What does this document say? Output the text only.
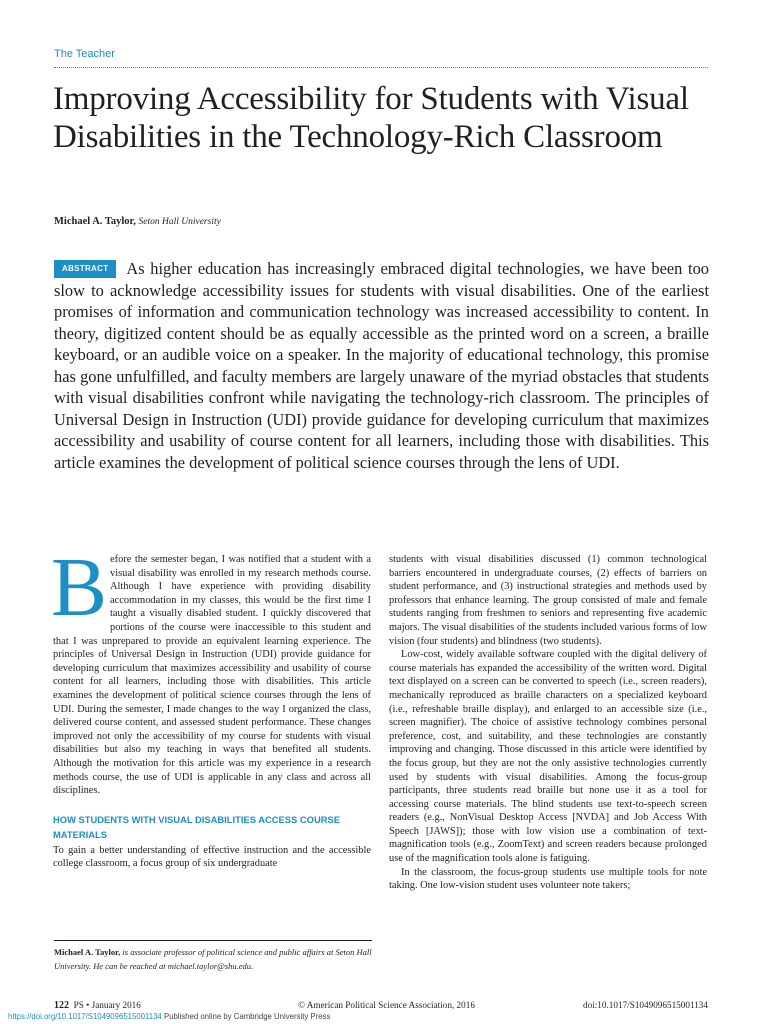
The Teacher
Improving Accessibility for Students with Visual Disabilities in the Technology-Rich Classroom
Michael A. Taylor, Seton Hall University

ABSTRACT As higher education has increasingly embraced digital technologies, we have been too slow to acknowledge accessibility issues for students with visual disabilities. One of the earliest promises of information and communication technology was increased accessibility to content. In theory, digitized content should be as equally accessible as the printed word on a screen, a braille keyboard, or an audible voice on a speaker. In the majority of educational technology, this promise has gone unfulfilled, and faculty members are largely unaware of the myriad obstacles that students with visual disabilities confront while navigating the technology-rich classroom. The principles of Universal Design in Instruction (UDI) provide guidance for developing curriculum that maximizes accessibility and usability of course content for all learners, including those with disabilities. This article examines the development of political science courses through the lens of UDI.

Before the semester began, I was notified that a student with a visual disability was enrolled in my research methods course. Although I have experience with providing disability accommodation in my classes, this would be the first time I taught a visually disabled student. I quickly discovered that portions of the course were inaccessible to this student and that I was unprepared to provide an equivalent learning experience. The principles of Universal Design in Instruction (UDI) provide guidance for developing curriculum that maximizes accessibility and usability of course content for all learners, including those with disabilities. This article examines the development of political science courses through the lens of UDI. During the semester, I made changes to the way I organized the class, delivered course content, and assessed student performance. These changes improved not only the accessibility of my course for students with visual disabilities but also my teaching in ways that benefited all students. Although the motivation for this article was my experience in a research methods course, the use of UDI is applicable in any class and across all disciplines.

HOW STUDENTS WITH VISUAL DISABILITIES ACCESS COURSE MATERIALS

To gain a better understanding of effective instruction and the accessible college classroom, a focus group of six undergraduate

students with visual disabilities discussed (1) common technological barriers encountered in undergraduate courses, (2) effects of barriers on student performance, and (3) instructional strategies and methods used by professors that enhance learning. The group consisted of male and female students ranging from freshmen to seniors and representing five academic majors. The visual disabilities of the students included various forms of low vision (four students) and blindness (two students).

Low-cost, widely available software coupled with the digital delivery of course materials has expanded the accessibility of the written word. Digital text displayed on a screen can be converted to speech (i.e., screen readers), mechanically reproduced as braille characters on a specialized keyboard (i.e., refreshable braille display), and enlarged to an accessible size (i.e., screen magnifier). The choice of assistive technology combines personal preference, cost, and suitability, and these technologies are constantly improving and changing. Those discussed in this article were identified by the focus group, but they are not the only assistive technologies currently used by students with visual disabilities. Among the focus-group participants, three students read braille but none use it as a tool for accessing course materials. The blind students use text-to-speech screen readers (e.g., NonVisual Desktop Access [NVDA] and Job Access With Speech [JAWS]); those with low vision use a combination of text-magnification tools (e.g., ZoomText) and screen readers because prolonged use of the magnification tools alone is fatiguing.

In the classroom, the focus-group students use multiple tools for note taking. One low-vision student uses volunteer note takers;

Michael A. Taylor, is associate professor of political science and public affairs at Seton Hall University. He can be reached at michael.taylor@shu.edu.
122 PS • January 2016	© American Political Science Association, 2016	doi:10.1017/S1049096515001134
https://doi.org/10.1017/S1049096515001134 Published online by Cambridge University Press
